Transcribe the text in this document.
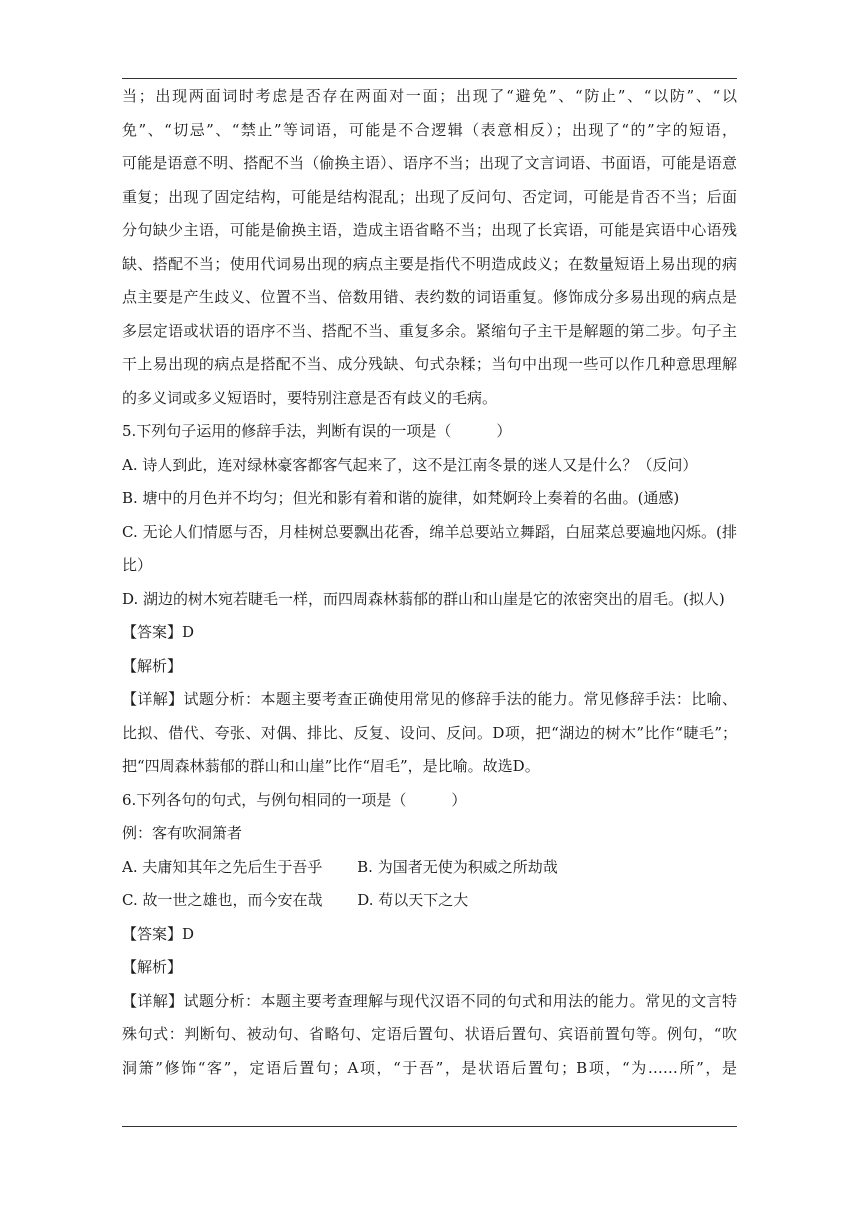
当；出现两面词时考虑是否存在两面对一面；出现了“避免”、“防止”、“以防”、“以
免”、“切忌”、“禁止”等词语，可能是不合逻辑（表意相反）；出现了“的”字的短语，
可能是语意不明、搭配不当（偷换主语）、语序不当；出现了文言词语、书面语，可能是语意
重复；出现了固定结构，可能是结构混乱；出现了反问句、否定词，可能是肯否不当；后面
分句缺少主语，可能是偷换主语，造成主语省略不当；出现了长宾语，可能是宾语中心语残
缺、搭配不当；使用代词易出现的病点主要是指代不明造成歧义；在数量短语上易出现的病
点主要是产生歧义、位置不当、倍数用错、表约数的词语重复。修饰成分多易出现的病点是
多层定语或状语的语序不当、搭配不当、重复多余。紧缩句子主干是解题的第二步。句子主
干上易出现的病点是搭配不当、成分残缺、句式杂糅；当句中出现一些可以作几种意思理解
的多义词或多义短语时，要特别注意是否有歧义的毛病。
5.下列句子运用的修辞手法，判断有误的一项是（　　　）
A. 诗人到此，连对绿林豪客都客气起来了，这不是江南冬景的迷人又是什么？（反问）
B. 塘中的月色并不均匀；但光和影有着和谐的旋律，如梵婀玲上奏着的名曲。(通感)
C. 无论人们情愿与否，月桂树总要飘出花香，绵羊总要站立舞蹈，白屈菜总要遍地闪烁。(排
比）
D. 湖边的树木宛若睫毛一样，而四周森林蓊郁的群山和山崖是它的浓密突出的眉毛。(拟人)
【答案】D
【解析】
【详解】试题分析：本题主要考查正确使用常见的修辞手法的能力。常见修辞手法：比喻、
比拟、借代、夸张、对偶、排比、反复、设问、反问。D项，把“湖边的树木”比作“睫毛”；
把“四周森林蓊郁的群山和山崖”比作“眉毛”，是比喻。故选D。
6.下列各句的句式，与例句相同的一项是（　　　）
例：客有吹洞箫者
A. 夫庸知其年之先后生于吾乎　　 B. 为国者无使为积威之所劫哉
C. 故一世之雄也，而今安在哉　　 D. 苟以天下之大
【答案】D
【解析】
【详解】试题分析：本题主要考查理解与现代汉语不同的句式和用法的能力。常见的文言特
殊句式：判断句、被动句、省略句、定语后置句、状语后置句、宾语前置句等。例句，“吹
洞箫”修饰“客”，定语后置句；A项，“于吾”，是状语后置句；B项，“为……所”，是
